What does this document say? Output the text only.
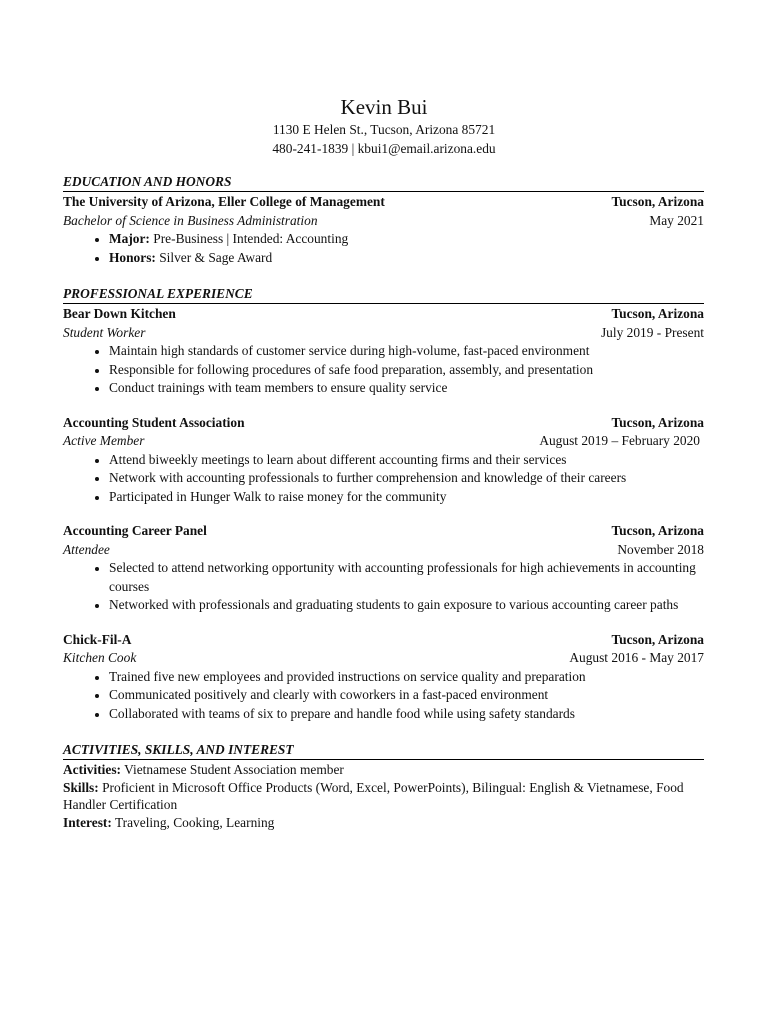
Kevin Bui
1130 E Helen St., Tucson, Arizona 85721
480-241-1839 | kbui1@email.arizona.edu
EDUCATION AND HONORS
The University of Arizona, Eller College of Management	Tucson, Arizona
Bachelor of Science in Business Administration	May 2021
• Major: Pre-Business | Intended: Accounting
• Honors: Silver & Sage Award
PROFESSIONAL EXPERIENCE
Bear Down Kitchen	Tucson, Arizona
Student Worker	July 2019 - Present
• Maintain high standards of customer service during high-volume, fast-paced environment
• Responsible for following procedures of safe food preparation, assembly, and presentation
• Conduct trainings with team members to ensure quality service
Accounting Student Association	Tucson, Arizona
Active Member	August 2019 – February 2020
• Attend biweekly meetings to learn about different accounting firms and their services
• Network with accounting professionals to further comprehension and knowledge of their careers
• Participated in Hunger Walk to raise money for the community
Accounting Career Panel	Tucson, Arizona
Attendee	November 2018
• Selected to attend networking opportunity with accounting professionals for high achievements in accounting courses
• Networked with professionals and graduating students to gain exposure to various accounting career paths
Chick-Fil-A	Tucson, Arizona
Kitchen Cook	August 2016 - May 2017
• Trained five new employees and provided instructions on service quality and preparation
• Communicated positively and clearly with coworkers in a fast-paced environment
• Collaborated with teams of six to prepare and handle food while using safety standards
ACTIVITIES, SKILLS, AND INTEREST
Activities: Vietnamese Student Association member
Skills: Proficient in Microsoft Office Products (Word, Excel, PowerPoints), Bilingual: English & Vietnamese, Food Handler Certification
Interest: Traveling, Cooking, Learning
